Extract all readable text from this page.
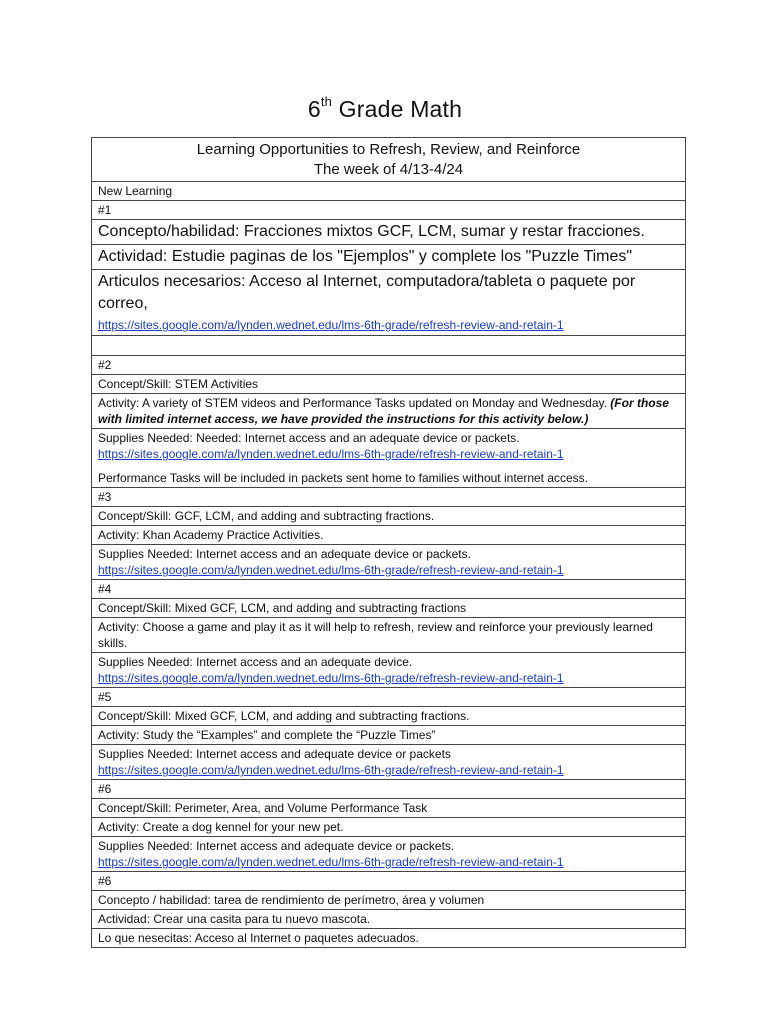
6th Grade Math
Learning Opportunities to Refresh, Review, and Reinforce
The week of 4/13-4/24
New Learning
#1
Concepto/habilidad: Fracciones mixtos GCF, LCM, sumar y restar fracciones.
Actividad: Estudie paginas de los "Ejemplos" y complete los "Puzzle Times"
Articulos necesarios: Acceso al Internet, computadora/tableta o paquete por correo,
https://sites.google.com/a/lynden.wednet.edu/lms-6th-grade/refresh-review-and-retain-1
#2
Concept/Skill: STEM Activities
Activity: A variety of STEM videos and Performance Tasks updated on Monday and Wednesday. (For those with limited internet access, we have provided the instructions for this activity below.)
Supplies Needed: Needed: Internet access and an adequate device or packets.
https://sites.google.com/a/lynden.wednet.edu/lms-6th-grade/refresh-review-and-retain-1
Performance Tasks will be included in packets sent home to families without internet access.
#3
Concept/Skill: GCF, LCM, and adding and subtracting fractions.
Activity: Khan Academy Practice Activities.
Supplies Needed: Internet access and an adequate device or packets.
https://sites.google.com/a/lynden.wednet.edu/lms-6th-grade/refresh-review-and-retain-1
#4
Concept/Skill: Mixed GCF, LCM, and adding and subtracting fractions
Activity: Choose a game and play it as it will help to refresh, review and reinforce your previously learned skills.
Supplies Needed: Internet access and an adequate device.
https://sites.google.com/a/lynden.wednet.edu/lms-6th-grade/refresh-review-and-retain-1
#5
Concept/Skill: Mixed GCF, LCM, and adding and subtracting fractions.
Activity: Study the “Examples” and complete the “Puzzle Times”
Supplies Needed: Internet access and adequate device or packets
https://sites.google.com/a/lynden.wednet.edu/lms-6th-grade/refresh-review-and-retain-1
#6
Concept/Skill: Perimeter, Area, and Volume Performance Task
Activity: Create a dog kennel for your new pet.
Supplies Needed: Internet access and adequate device or packets.
https://sites.google.com/a/lynden.wednet.edu/lms-6th-grade/refresh-review-and-retain-1
#6
Concepto / habilidad: tarea de rendimiento de perímetro, área y volumen
Actividad: Crear una casita para tu nuevo mascota.
Lo que nesecitas: Acceso al Internet o paquetes adecuados.
